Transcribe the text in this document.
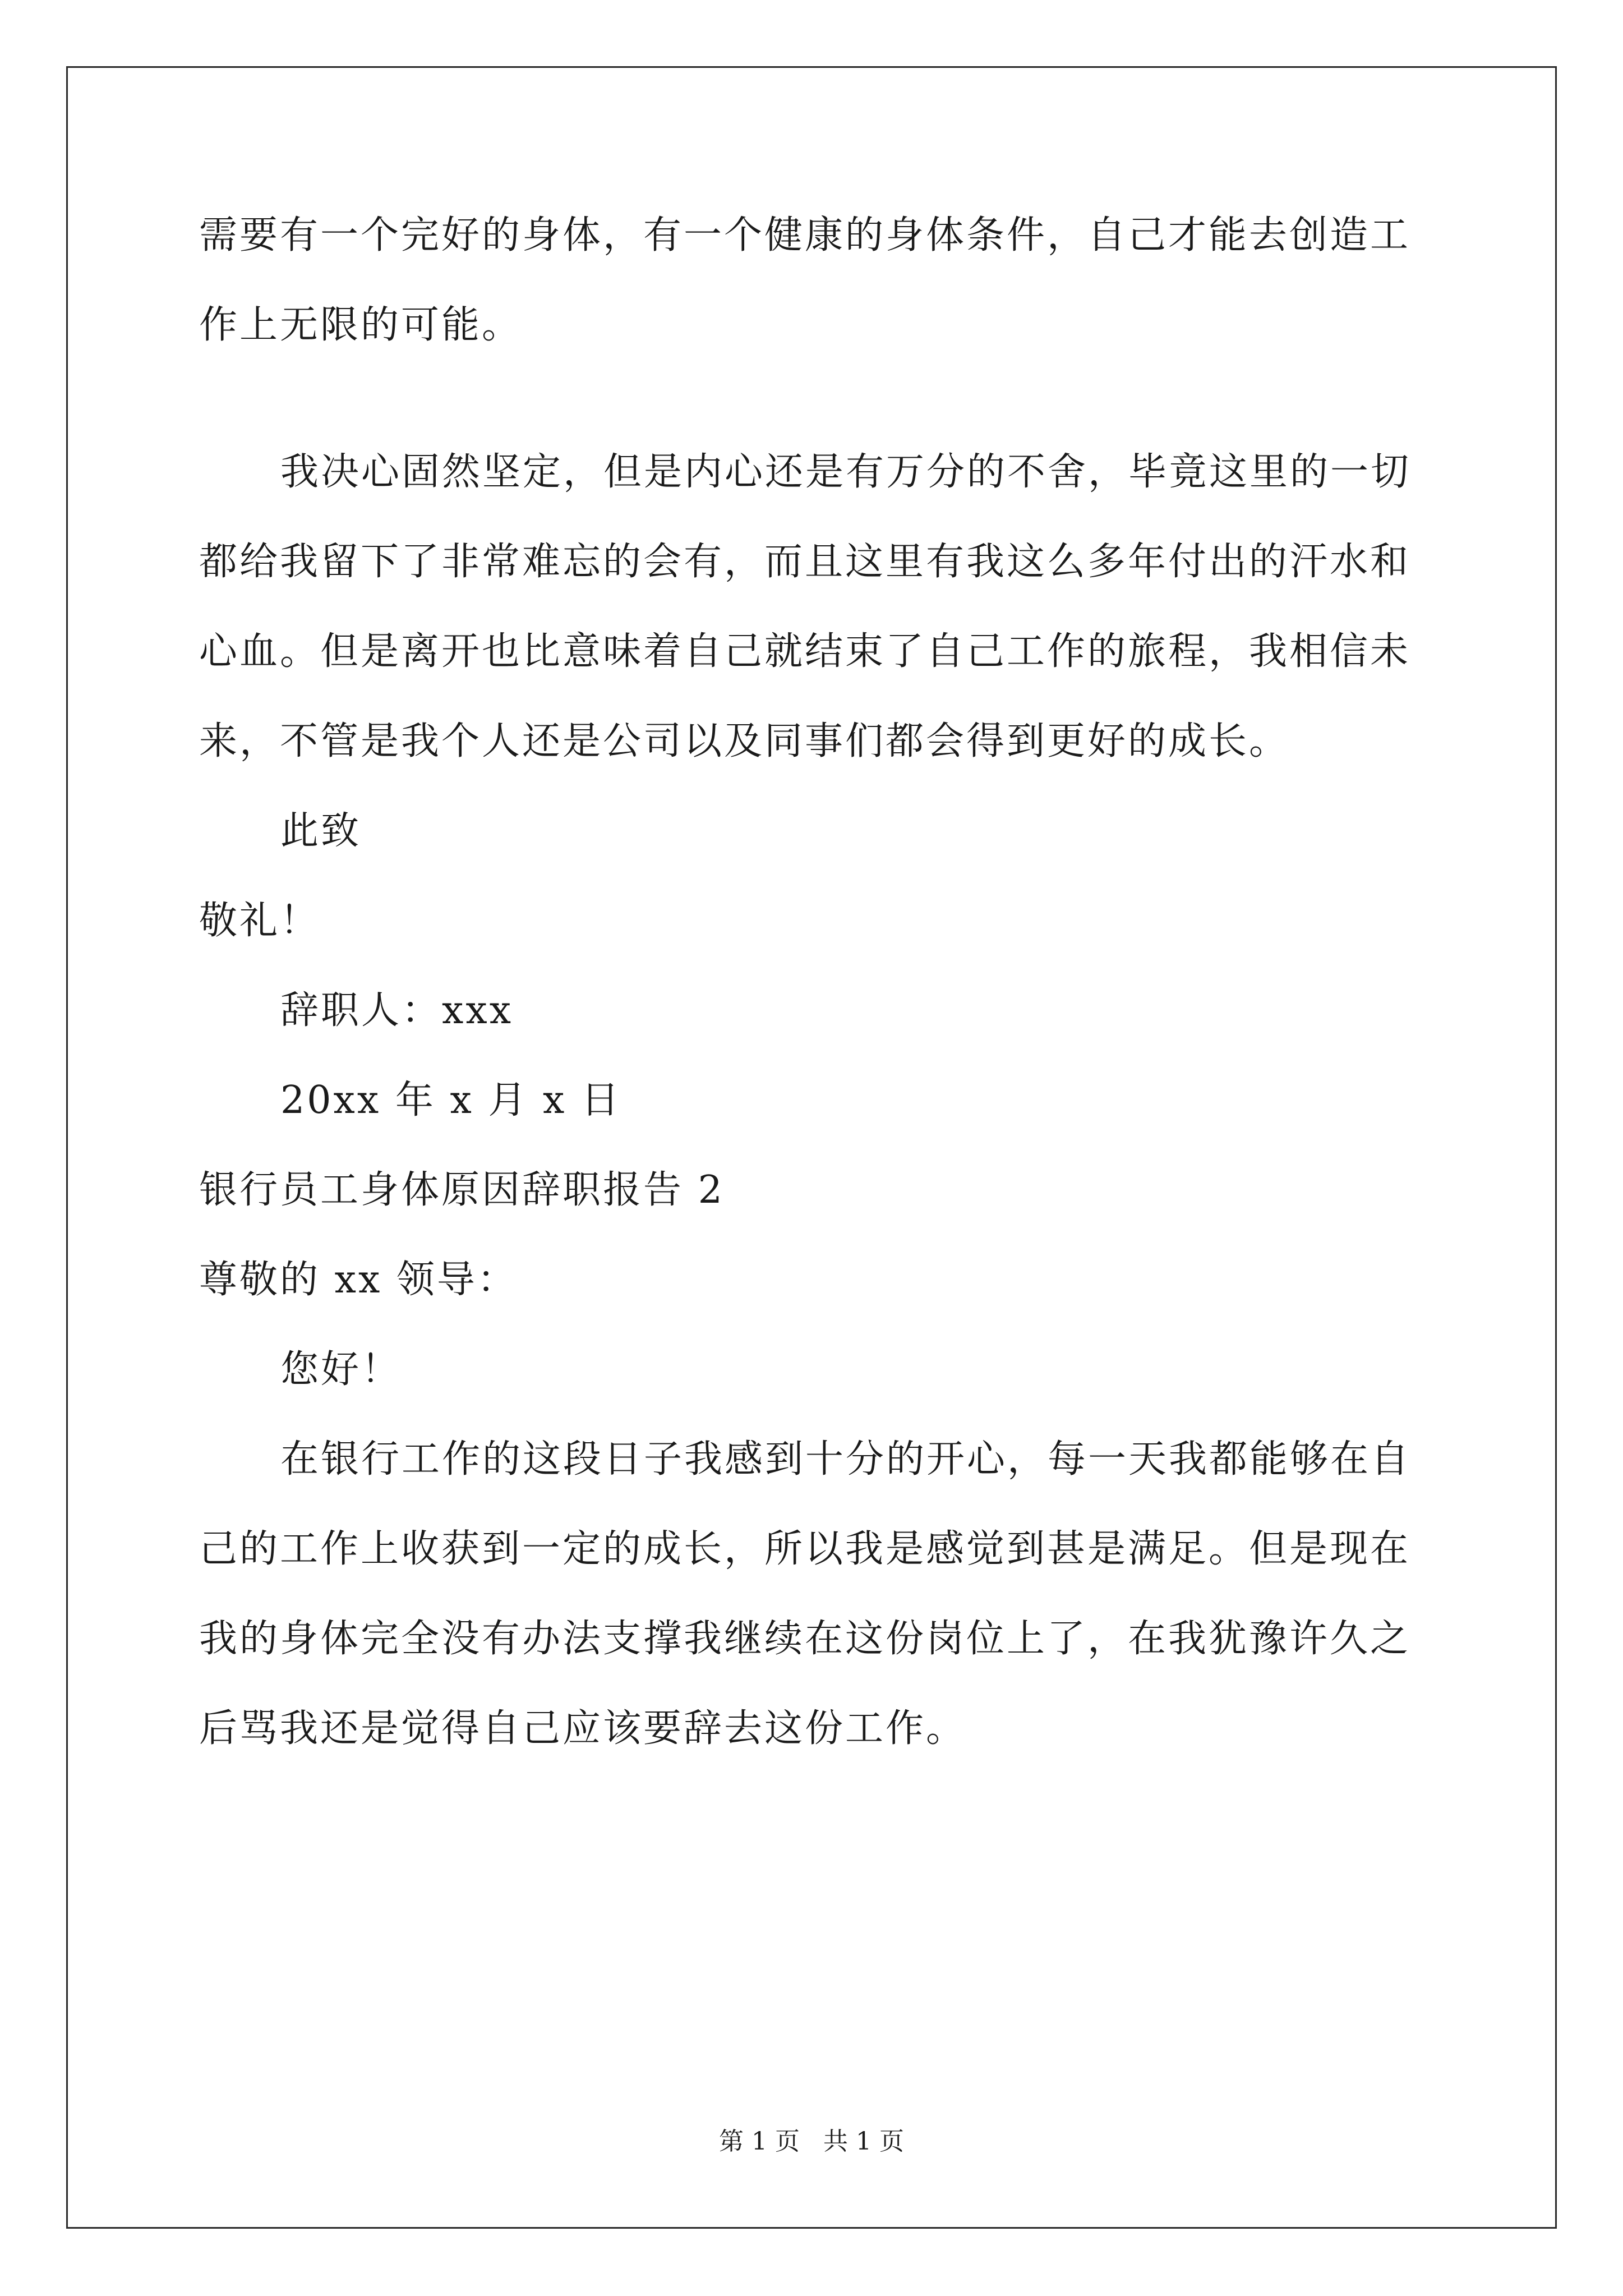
需要有一个完好的身体，有一个健康的身体条件，自己才能去创造工
作上无限的可能。
我决心固然坚定，但是内心还是有万分的不舍，毕竟这里的一切
都给我留下了非常难忘的会有，而且这里有我这么多年付出的汗水和
心血。但是离开也比意味着自己就结束了自己工作的旅程，我相信未
来，不管是我个人还是公司以及同事们都会得到更好的成长。
此致
敬礼！
辞职人：xxx
20xx 年 x 月 x 日
银行员工身体原因辞职报告 2
尊敬的 xx 领导：
您好！
在银行工作的这段日子我感到十分的开心，每一天我都能够在自
己的工作上收获到一定的成长，所以我是感觉到甚是满足。但是现在
我的身体完全没有办法支撑我继续在这份岗位上了，在我犹豫许久之
后骂我还是觉得自己应该要辞去这份工作。
第 1 页 共 1 页
